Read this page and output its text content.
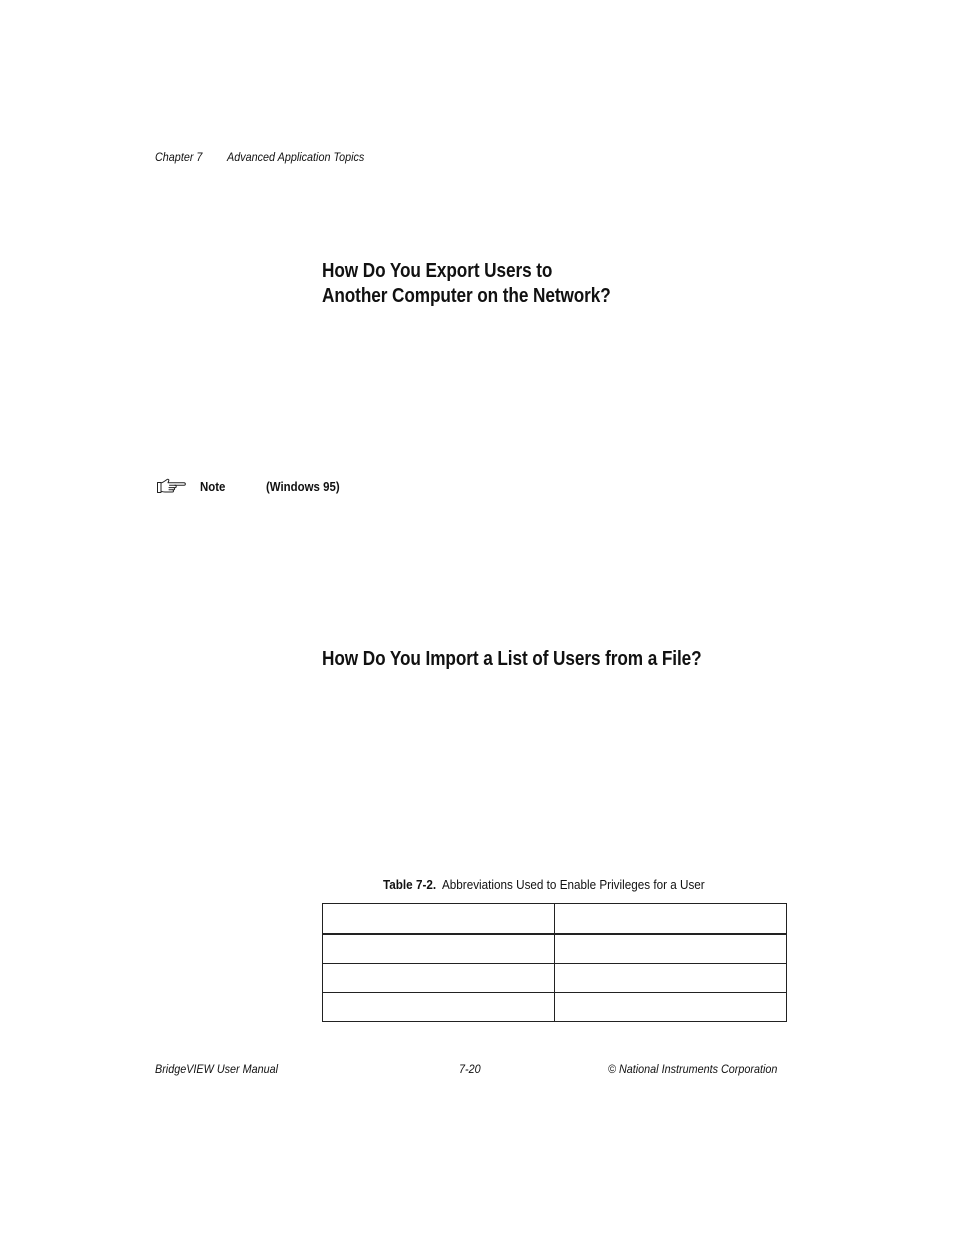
Chapter 7 Advanced Application Topics
How Do You Export Users to
Another Computer on the Network?
Note	(Windows 95)
How Do You Import a List of Users from a File?
Table 7-2. Abbreviations Used to Enable Privileges for a User

BridgeVIEW User Manual	7-20	© National Instruments Corporation
